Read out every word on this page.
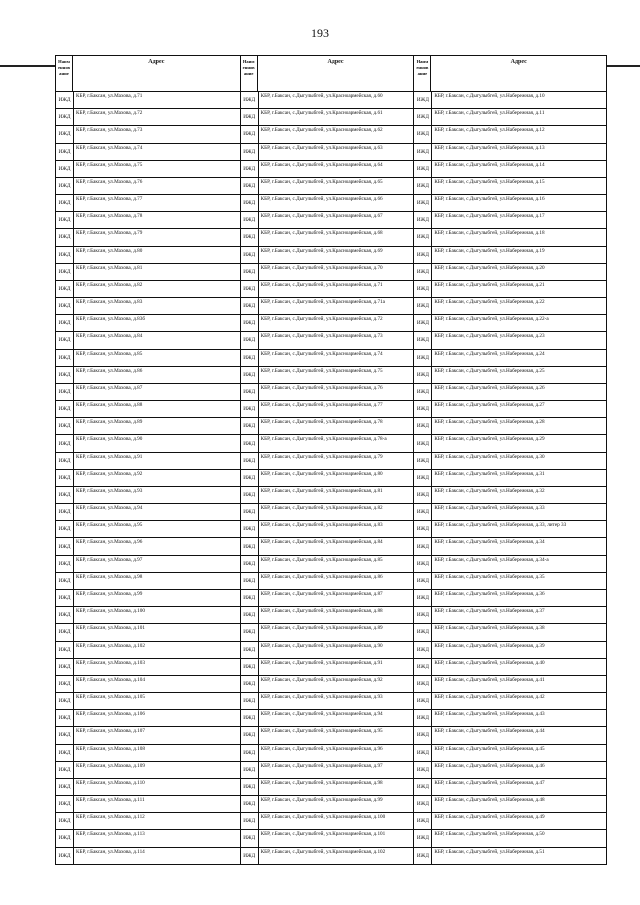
193
Наим еннов ание
Адрес
ИЖД
КБР, г.Баксан, ул.Махова, д.71
ИЖД
КБР, г.Баксан, ул.Махова, д.72
ИЖД
КБР, г.Баксан, ул.Махова, д.73
ИЖД
КБР, г.Баксан, ул.Махова, д.74
ИЖД
КБР, г.Баксан, ул.Махова, д.75
ИЖД
КБР, г.Баксан, ул.Махова, д.76
ИЖД
КБР, г.Баксан, ул.Махова, д.77
ИЖД
КБР, г.Баксан, ул.Махова, д.78
ИЖД
КБР, г.Баксан, ул.Махова, д.79
ИЖД
КБР, г.Баксан, ул.Махова, д.80
ИЖД
КБР, г.Баксан, ул.Махова, д.81
ИЖД
КБР, г.Баксан, ул.Махова, д.82
ИЖД
КБР, г.Баксан, ул.Махова, д.83
ИЖД
КБР, г.Баксан, ул.Махова, д.83б
ИЖД
КБР, г.Баксан, ул.Махова, д.84
ИЖД
КБР, г.Баксан, ул.Махова, д.85
ИЖД
КБР, г.Баксан, ул.Махова, д.86
ИЖД
КБР, г.Баксан, ул.Махова, д.87
ИЖД
КБР, г.Баксан, ул.Махова, д.88
ИЖД
КБР, г.Баксан, ул.Махова, д.89
ИЖД
КБР, г.Баксан, ул.Махова, д.90
ИЖД
КБР, г.Баксан, ул.Махова, д.91
ИЖД
КБР, г.Баксан, ул.Махова, д.92
ИЖД
КБР, г.Баксан, ул.Махова, д.93
ИЖД
КБР, г.Баксан, ул.Махова, д.94
ИЖД
КБР, г.Баксан, ул.Махова, д.95
ИЖД
КБР, г.Баксан, ул.Махова, д.96
ИЖД
КБР, г.Баксан, ул.Махова, д.97
ИЖД
КБР, г.Баксан, ул.Махова, д.98
ИЖД
КБР, г.Баксан, ул.Махова, д.99
ИЖД
КБР, г.Баксан, ул.Махова, д.100
ИЖД
КБР, г.Баксан, ул.Махова, д.101
ИЖД
КБР, г.Баксан, ул.Махова, д.102
ИЖД
КБР, г.Баксан, ул.Махова, д.103
ИЖД
КБР, г.Баксан, ул.Махова, д.104
ИЖД
КБР, г.Баксан, ул.Махова, д.105
ИЖД
КБР, г.Баксан, ул.Махова, д.106
ИЖД
КБР, г.Баксан, ул.Махова, д.107
ИЖД
КБР, г.Баксан, ул.Махова, д.108
ИЖД
КБР, г.Баксан, ул.Махова, д.109
ИЖД
КБР, г.Баксан, ул.Махова, д.110
ИЖД
КБР, г.Баксан, ул.Махова, д.111
ИЖД
КБР, г.Баксан, ул.Махова, д.112
ИЖД
КБР, г.Баксан, ул.Махова, д.113
ИЖД
КБР, г.Баксан, ул.Махова, д.114
Наим еннов ание
Адрес
ИЖД
КБР, г.Баксан, с.Дыгулыбгей, ул.Красноармейская, д.60
ИЖД
КБР, г.Баксан, с.Дыгулыбгей, ул.Красноармейская, д.61
ИЖД
КБР, г.Баксан, с.Дыгулыбгей, ул.Красноармейская, д.62
ИЖД
КБР, г.Баксан, с.Дыгулыбгей, ул.Красноармейская, д.63
ИЖД
КБР, г.Баксан, с.Дыгулыбгей, ул.Красноармейская, д.64
ИЖД
КБР, г.Баксан, с.Дыгулыбгей, ул.Красноармейская, д.65
ИЖД
КБР, г.Баксан, с.Дыгулыбгей, ул.Красноармейская, д.66
ИЖД
КБР, г.Баксан, с.Дыгулыбгей, ул.Красноармейская, д.67
ИЖД
КБР, г.Баксан, с.Дыгулыбгей, ул.Красноармейская, д.68
ИЖД
КБР, г.Баксан, с.Дыгулыбгей, ул.Красноармейская, д.69
ИЖД
КБР, г.Баксан, с.Дыгулыбгей, ул.Красноармейская, д.70
ИЖД
КБР, г.Баксан, с.Дыгулыбгей, ул.Красноармейская, д.71
ИЖД
КБР, г.Баксан, с.Дыгулыбгей, ул.Красноармейская, д.71а
ИЖД
КБР, г.Баксан, с.Дыгулыбгей, ул.Красноармейская, д.72
ИЖД
КБР, г.Баксан, с.Дыгулыбгей, ул.Красноармейская, д.73
ИЖД
КБР, г.Баксан, с.Дыгулыбгей, ул.Красноармейская, д.74
ИЖД
КБР, г.Баксан, с.Дыгулыбгей, ул.Красноармейская, д.75
ИЖД
КБР, г.Баксан, с.Дыгулыбгей, ул.Красноармейская, д.76
ИЖД
КБР, г.Баксан, с.Дыгулыбгей, ул.Красноармейская, д.77
ИЖД
КБР, г.Баксан, с.Дыгулыбгей, ул.Красноармейская, д.78
ИЖД
КБР, г.Баксан, с.Дыгулыбгей, ул.Красноармейская, д.78-а
ИЖД
КБР, г.Баксан, с.Дыгулыбгей, ул.Красноармейская, д.79
ИЖД
КБР, г.Баксан, с.Дыгулыбгей, ул.Красноармейская, д.80
ИЖД
КБР, г.Баксан, с.Дыгулыбгей, ул.Красноармейская, д.81
ИЖД
КБР, г.Баксан, с.Дыгулыбгей, ул.Красноармейская, д.82
ИЖД
КБР, г.Баксан, с.Дыгулыбгей, ул.Красноармейская, д.83
ИЖД
КБР, г.Баксан, с.Дыгулыбгей, ул.Красноармейская, д.84
ИЖД
КБР, г.Баксан, с.Дыгулыбгей, ул.Красноармейская, д.85
ИЖД
КБР, г.Баксан, с.Дыгулыбгей, ул.Красноармейская, д.86
ИЖД
КБР, г.Баксан, с.Дыгулыбгей, ул.Красноармейская, д.87
ИЖД
КБР, г.Баксан, с.Дыгулыбгей, ул.Красноармейская, д.88
ИЖД
КБР, г.Баксан, с.Дыгулыбгей, ул.Красноармейская, д.89
ИЖД
КБР, г.Баксан, с.Дыгулыбгей, ул.Красноармейская, д.90
ИЖД
КБР, г.Баксан, с.Дыгулыбгей, ул.Красноармейская, д.91
ИЖД
КБР, г.Баксан, с.Дыгулыбгей, ул.Красноармейская, д.92
ИЖД
КБР, г.Баксан, с.Дыгулыбгей, ул.Красноармейская, д.93
ИЖД
КБР, г.Баксан, с.Дыгулыбгей, ул.Красноармейская, д.94
ИЖД
КБР, г.Баксан, с.Дыгулыбгей, ул.Красноармейская, д.95
ИЖД
КБР, г.Баксан, с.Дыгулыбгей, ул.Красноармейская, д.96
ИЖД
КБР, г.Баксан, с.Дыгулыбгей, ул.Красноармейская, д.97
ИЖД
КБР, г.Баксан, с.Дыгулыбгей, ул.Красноармейская, д.98
ИЖД
КБР, г.Баксан, с.Дыгулыбгей, ул.Красноармейская, д.99
ИЖД
КБР, г.Баксан, с.Дыгулыбгей, ул.Красноармейская, д.100
ИЖД
КБР, г.Баксан, с.Дыгулыбгей, ул.Красноармейская, д.101
ИЖД
КБР, г.Баксан, с.Дыгулыбгей, ул.Красноармейская, д.102
Наим еннов ание
Адрес
ИЖД
КБР, г.Баксан, с.Дыгулыбгей, ул.Набережная, д.10
ИЖД
КБР, г.Баксан, с.Дыгулыбгей, ул.Набережная, д.11
ИЖД
КБР, г.Баксан, с.Дыгулыбгей, ул.Набережная, д.12
ИЖД
КБР, г.Баксан, с.Дыгулыбгей, ул.Набережная, д.13
ИЖД
КБР, г.Баксан, с.Дыгулыбгей, ул.Набережная, д.14
ИЖД
КБР, г.Баксан, с.Дыгулыбгей, ул.Набережная, д.15
ИЖД
КБР, г.Баксан, с.Дыгулыбгей, ул.Набережная, д.16
ИЖД
КБР, г.Баксан, с.Дыгулыбгей, ул.Набережная, д.17
ИЖД
КБР, г.Баксан, с.Дыгулыбгей, ул.Набережная, д.18
ИЖД
КБР, г.Баксан, с.Дыгулыбгей, ул.Набережная, д.19
ИЖД
КБР, г.Баксан, с.Дыгулыбгей, ул.Набережная, д.20
ИЖД
КБР, г.Баксан, с.Дыгулыбгей, ул.Набережная, д.21
ИЖД
КБР, г.Баксан, с.Дыгулыбгей, ул.Набережная, д.22
ИЖД
КБР, г.Баксан, с.Дыгулыбгей, ул.Набережная, д.22-а
ИЖД
КБР, г.Баксан, с.Дыгулыбгей, ул.Набережная, д.23
ИЖД
КБР, г.Баксан, с.Дыгулыбгей, ул.Набережная, д.24
ИЖД
КБР, г.Баксан, с.Дыгулыбгей, ул.Набережная, д.25
ИЖД
КБР, г.Баксан, с.Дыгулыбгей, ул.Набережная, д.26
ИЖД
КБР, г.Баксан, с.Дыгулыбгей, ул.Набережная, д.27
ИЖД
КБР, г.Баксан, с.Дыгулыбгей, ул.Набережная, д.28
ИЖД
КБР, г.Баксан, с.Дыгулыбгей, ул.Набережная, д.29
ИЖД
КБР, г.Баксан, с.Дыгулыбгей, ул.Набережная, д.30
ИЖД
КБР, г.Баксан, с.Дыгулыбгей, ул.Набережная, д.31
ИЖД
КБР, г.Баксан, с.Дыгулыбгей, ул.Набережная, д.32
ИЖД
КБР, г.Баксан, с.Дыгулыбгей, ул.Набережная, д.33
ИЖД
КБР, г.Баксан, с.Дыгулыбгей, ул.Набережная, д.33, литер 33
ИЖД
КБР, г.Баксан, с.Дыгулыбгей, ул.Набережная, д.34
ИЖД
КБР, г.Баксан, с.Дыгулыбгей, ул.Набережная, д.34-а
ИЖД
КБР, г.Баксан, с.Дыгулыбгей, ул.Набережная, д.35
ИЖД
КБР, г.Баксан, с.Дыгулыбгей, ул.Набережная, д.36
ИЖД
КБР, г.Баксан, с.Дыгулыбгей, ул.Набережная, д.37
ИЖД
КБР, г.Баксан, с.Дыгулыбгей, ул.Набережная, д.38
ИЖД
КБР, г.Баксан, с.Дыгулыбгей, ул.Набережная, д.39
ИЖД
КБР, г.Баксан, с.Дыгулыбгей, ул.Набережная, д.40
ИЖД
КБР, г.Баксан, с.Дыгулыбгей, ул.Набережная, д.41
ИЖД
КБР, г.Баксан, с.Дыгулыбгей, ул.Набережная, д.42
ИЖД
КБР, г.Баксан, с.Дыгулыбгей, ул.Набережная, д.43
ИЖД
КБР, г.Баксан, с.Дыгулыбгей, ул.Набережная, д.44
ИЖД
КБР, г.Баксан, с.Дыгулыбгей, ул.Набережная, д.45
ИЖД
КБР, г.Баксан, с.Дыгулыбгей, ул.Набережная, д.46
ИЖД
КБР, г.Баксан, с.Дыгулыбгей, ул.Набережная, д.47
ИЖД
КБР, г.Баксан, с.Дыгулыбгей, ул.Набережная, д.48
ИЖД
КБР, г.Баксан, с.Дыгулыбгей, ул.Набережная, д.49
ИЖД
КБР, г.Баксан, с.Дыгулыбгей, ул.Набережная, д.50
ИЖД
КБР, г.Баксан, с.Дыгулыбгей, ул.Набережная, д.51
